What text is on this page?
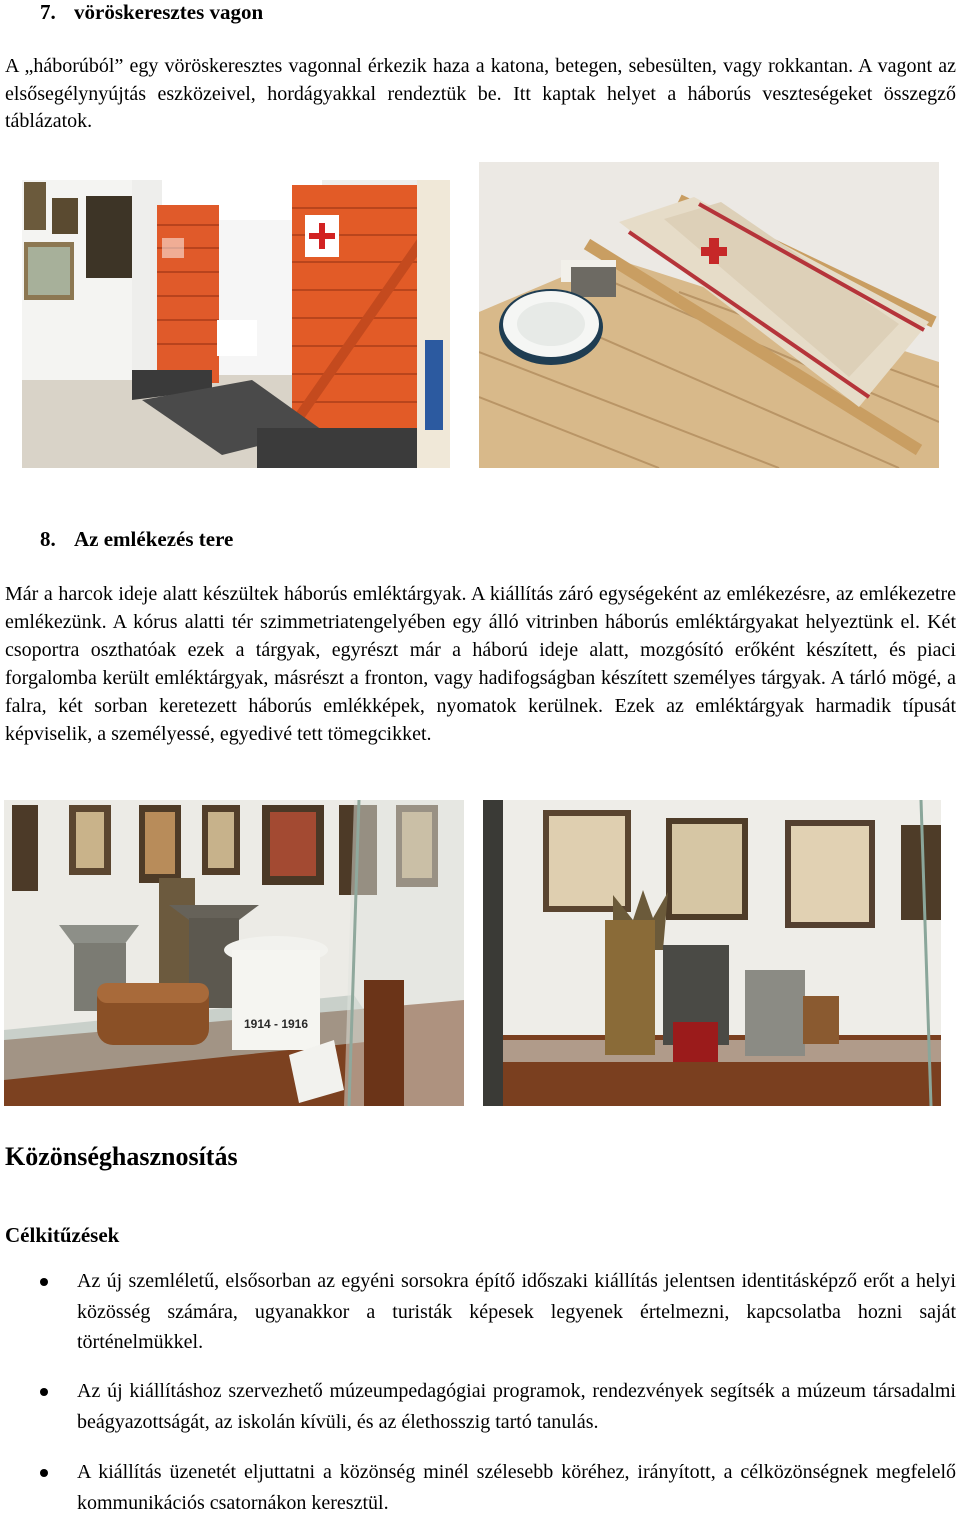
7. vöröskeresztes vagon
A „háborúból” egy vöröskeresztes vagonnal érkezik haza a katona, betegen, sebesülten, vagy rokkantan. A vagont az elsősegélynyújtás eszközeivel, hordágyakkal rendeztük be. Itt kaptak helyet a háborús veszteségeket összegző táblázatok.
8. Az emlékezés tere
Már a harcok ideje alatt készültek háborús emléktárgyak. A kiállítás záró egységeként az emlékezésre, az emlékezetre emlékezünk. A kórus alatti tér szimmetriatengelyében egy álló vitrinben háborús emléktárgyakat helyeztünk el. Két csoportra oszthatóak ezek a tárgyak, egyrészt már a háború ideje alatt, mozgósító erőként készített, és piaci forgalomba került emléktárgyak, másrészt a fronton, vagy hadifogságban készített személyes tárgyak. A tárló mögé, a falra, két sorban keretezett háborús emlékképek, nyomatok kerülnek. Ezek az emléktárgyak harmadik típusát képviselik, a személyessé, egyedivé tett tömegcikket.
1914 - 1916
Közönséghasznosítás
Célkitűzések
Az új szemléletű, elsősorban az egyéni sorsokra építő időszaki kiállítás jelentsen identitásképző erőt a helyi közösség számára, ugyanakkor a turisták képesek legyenek értelmezni, kapcsolatba hozni saját történelmükkel.
Az új kiállításhoz szervezhető múzeumpedagógiai programok, rendezvények segítsék a múzeum társadalmi beágyazottságát, az iskolán kívüli, és az élethosszig tartó tanulás.
A kiállítás üzenetét eljuttatni a közönség minél szélesebb köréhez, irányított, a célközönségnek megfelelő kommunikációs csatornákon keresztül.
